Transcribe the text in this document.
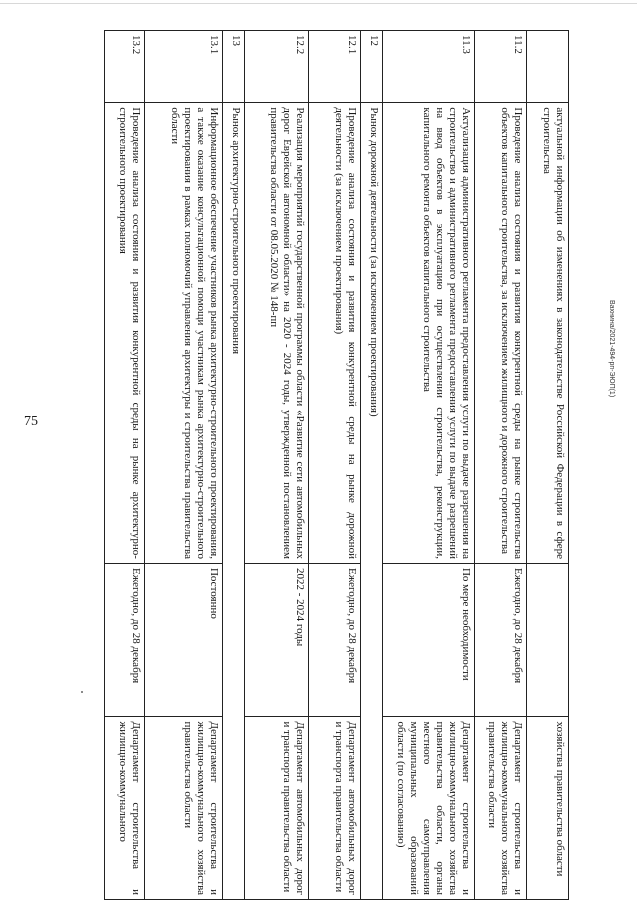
75
Вахнина/2021-494-рп-ЭЮП(1)
	актуальной информации об изменениях в законодательстве Российской Федерации в сфере строительства		хозяйства правительства области
11.2	Проведение анализа состояния и развития конкурентной среды на рынке строительства объектов капитального строительства, за исключением жилищного и дорожного строительства	Ежегодно, до 28 декабря	Департамент строительства и жилищно-коммунального хозяйства правительства области
11.3	Актуализация административного регламента предоставления услуги по выдаче разрешения на строительство и административного регламента предоставления услуги по выдаче разрешений на ввод объектов в эксплуатацию при осуществлении строительства, реконструкции, капитального ремонта объектов капитального строительства	По мере необходимости	Департамент строительства и жилищно-коммунального хозяйства правительства области, органы местного самоуправления муниципальных образований области (по согласованию)
12	Рынок дорожной деятельности (за исключением проектирования)		
12.1	Проведение анализа состояния и развития конкурентной среды на рынке дорожной деятельности (за исключением проектирования)	Ежегодно, до 28 декабря	Департамент автомобильных дорог и транспорта правительства области
12.2	Реализация мероприятий государственной программы области «Развитие сети автомобильных дорог Еврейской автономной области» на 2020 - 2024 годы, утвержденной постановлением правительства области от 08.05.2020 № 148-пп	2022 - 2024 годы	Департамент автомобильных дорог и транспорта правительства области
13	Рынок архитектурно-строительного проектирования		
13.1	Информационное обеспечение участников рынка архитектурно-строительного проектирования, а также оказание консультационной помощи участникам рынка архитектурно-строительного проектирования в рамках полномочий управления архитектуры и строительства правительства области	Постоянно	Департамент строительства и жилищно-коммунального хозяйства правительства области
13.2	Проведение анализа состояния и развития конкурентной среды на рынке архитектурно-строительного проектирования	Ежегодно, до 28 декабря	Департамент строительства и жилищно-коммунального
